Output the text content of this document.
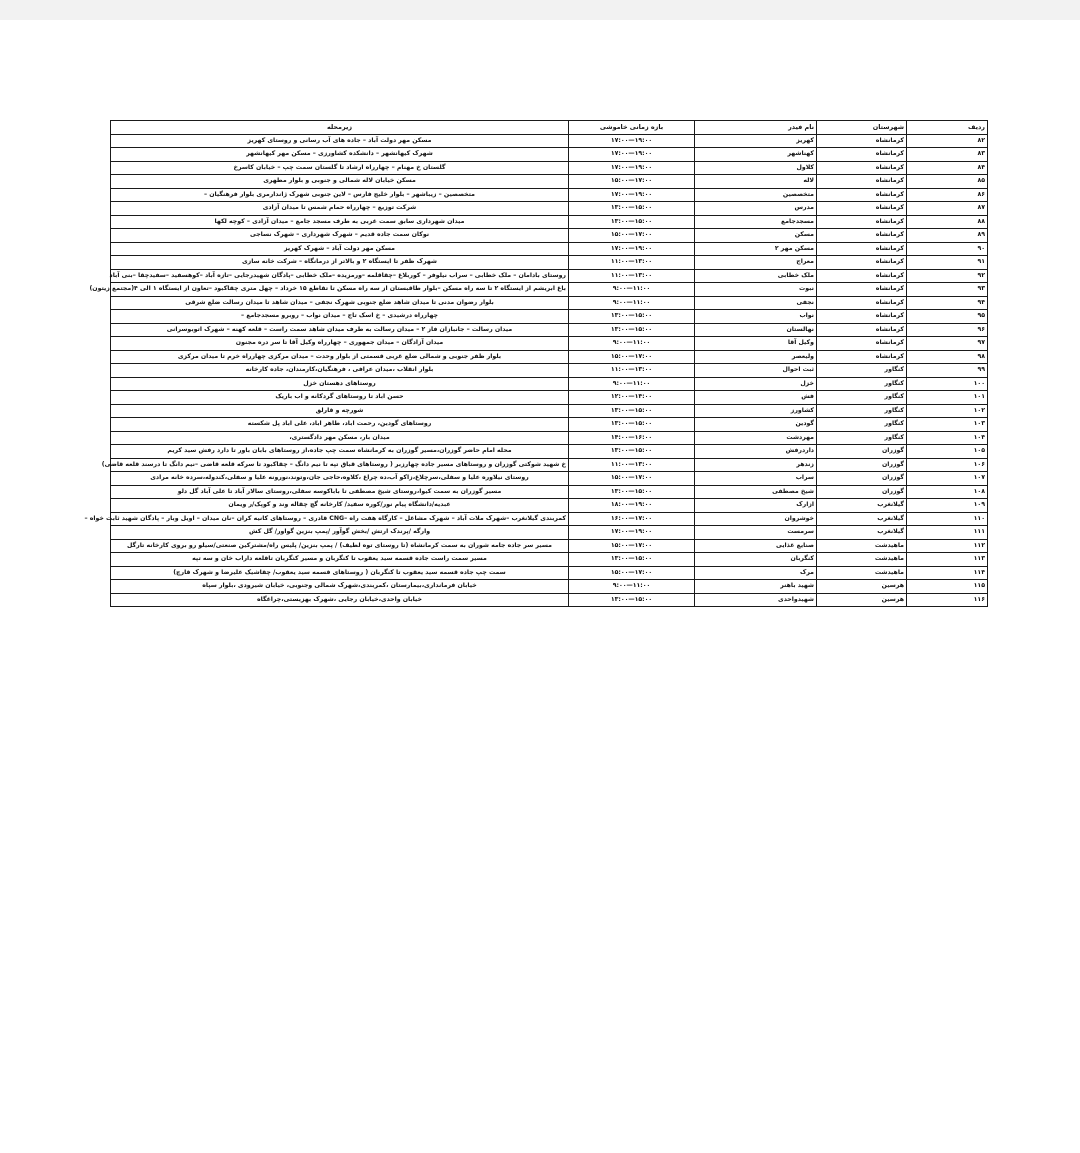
ردیف	شهرستان	نام فیدر	بازه زمانی خاموشی	زیرمحله
۸۲	کرمانشاه	کهریز	۱۷:۰۰—۱۹:۰۰	مسکن مهر دولت آباد – جاده های آب رسانی و روستای کهریز
۸۳	کرمانشاه	کهناشهر	۱۷:۰۰—۱۹:۰۰	شهرک کیهانشهر – دانشکده کشاورزی – مسکن مهر کیهانشهر
۸۴	کرمانشاه	کلاول	۱۷:۰۰—۱۹:۰۰	گلستان خ مهنام – چهارراه ارشاد تا گلستان سمت چپ – خیابان کاسرخ
۸۵	کرمانشاه	لاله	۱۵:۰۰—۱۷:۰۰	مسکن خیابان لاله شمالی و جنوبی و بلوار مطهری
۸۶	کرمانشاه	متخصصین	۱۷:۰۰—۱۹:۰۰	متخصصین – زیباشهر – بلوار خلیج فارس – لاین جنوبی شهرک ژاندارمری بلوار فرهنگیان –
۸۷	کرمانشاه	مدرس	۱۳:۰۰—۱۵:۰۰	شرکت توزیع – چهارراه حمام شمس تا میدان آزادی
۸۸	کرمانشاه	مسجدجامع	۱۳:۰۰—۱۵:۰۰	میدان شهرداری سابق سمت غربی به طرف مسجد جامع – میدان آزادی – کوچه لکها
۸۹	کرمانشاه	مسکن	۱۵:۰۰—۱۷:۰۰	نوکان سمت جاده قدیم – شهرک شهرداری – شهرک نساجی
۹۰	کرمانشاه	مسکن مهر ۲	۱۷:۰۰—۱۹:۰۰	مسکن مهر دولت آباد – شهرک کهریز
۹۱	کرمانشاه	معراج	۱۱:۰۰—۱۳:۰۰	شهرک ظفر تا ایستگاه ۲ و بالاتر از درمانگاه – شرکت خانه سازی
۹۲	کرمانشاه	ملک خطابی	۱۱:۰۰—۱۳:۰۰	روستای بادامان – ملک خطابی – سراب نیلوفر – کوربلاغ –چقاقلمه –ورمزیده –ملک خطابی –پادگان شهیدرجایی –تازه آباد –کوهسفید –سفیدچقا –بنی آباد
۹۳	کرمانشاه	نبوت	۹:۰۰—۱۱:۰۰	باغ ابریشم از ایستگاه ۲ تا سه راه مسکن –بلوار طاقبستان از سه راه مسکن تا تقاطع ۱۵ خرداد – چهل متری چقاکبود –تعاون از ایستگاه ۱ الی ۴(مجتمع زیتون)
۹۴	کرمانشاه	نجفی	۹:۰۰—۱۱:۰۰	بلوار رضوان مدنی تا میدان شاهد ضلع جنوبی شهرک نجفی – میدان شاهد تا میدان رسالت ضلع شرقی
۹۵	کرمانشاه	نواب	۱۳:۰۰—۱۵:۰۰	چهارراه درشیدی – خ اسک تاج – میدان نواب – روبرو مسجدجامع –
۹۶	کرمانشاه	نهالستان	۱۳:۰۰—۱۵:۰۰	میدان رسالت – جانبازان فاز ۲ – میدان رسالت به طرف میدان شاهد سمت راست – قلعه کهنه – شهرک اتوبوسرانی
۹۷	کرمانشاه	وکیل آقا	۹:۰۰—۱۱:۰۰	میدان آزادگان – میدان جمهوری – چهارراه وکیل آقا تا سر دره مجنون
۹۸	کرمانشاه	ولیعصر	۱۵:۰۰—۱۷:۰۰	بلوار ظفر جنوبی و شمالی ضلع غربی قسمتی از بلوار وحدت – میدان مرکزی چهارراه خرم تا میدان مرکزی
۹۹	کنگاور	ثبت احوال	۱۱:۰۰—۱۳:۰۰	بلوار انقلاب ،میدان عرافی ، فرهنگیان،کارمندان، جاده کارخانه
۱۰۰	کنگاور	خزل	۹:۰۰—۱۱:۰۰	روستاهای دهستان خزل
۱۰۱	کنگاور	فش	۱۲:۰۰—۱۴:۰۰	حسن اباد تا روستاهای گردکانه و اب باریک
۱۰۲	کنگاور	کشاورز	۱۳:۰۰—۱۵:۰۰	شورچه و قارلق
۱۰۳	کنگاور	گودین	۱۳:۰۰—۱۵:۰۰	روستاهای گودین، رحمت اباد، طاهر اباد، علی اباد پل شکسته
۱۰۴	کنگاور	مهردشت	۱۴:۰۰—۱۶:۰۰	میدان بار، مسکن مهر دادگستری،
۱۰۵	گوزران	داردرفش	۱۳:۰۰—۱۵:۰۰	محله امام حاضر گوزران،مسیر گوزران به کرمانشاه سمت چپ جاده،از روستاهای بابان باور تا دارد رفش سید کریم
۱۰۶	گوزران	زندهر	۱۱:۰۰—۱۳:۰۰	خ شهید شوکتی گوزران و روستاهای مسیر جاده چهارزبر ( روستاهای قباق تپه تا نیم دانگ – چقاکبود تا سرکه قلعه قاضی –نیم دانگ تا درسند قلعه قاضی)
۱۰۷	گوزران	سراب	۱۵:۰۰—۱۷:۰۰	روستای نیلاوره علیا و سفلی،سرچلاغ،زاکو آب،ده چراغ ،کلاوه،حاجی جان،وتوند،نورونه علیا و سفلی،کندوله،سرده خانه مرادی
۱۰۸	گوزران	شیخ مصطفی	۱۳:۰۰—۱۵:۰۰	مسیر گوزران به سمت کیوا،روستای شیخ مصطفی تا باباکوسه سفلی،روستای سالار آباد تا علی آباد گل دلو
۱۰۹	گیلانغرب	ازارک	۱۸:۰۰—۱۹:۰۰	عبدیه/دانشگاه پیام نور/کوره سفید/ کارخانه گچ چقاله وند و کوپک/ر ویمان
۱۱۰	گیلانغرب	خوشروان	۱۶:۰۰—۱۷:۰۰	کمربندی گیلانغرب –شهرک ملات آباد – شهرک مشاغل – کارگاه هفت راه –CNG قادری – روستاهای کانیه کران –نان میدان – اویل وبار – پادگان شهید ثابت خواه –
۱۱۱	گیلانغرب	سرمست	۱۷:۰۰—۱۹:۰۰	وارگه /پرندک ارتش /بخش گوآور /پمپ بنزین گواور/ گل کش
۱۱۲	ماهیدشت	صنایع غذایی	۱۵:۰۰—۱۷:۰۰	مسیر سر جاده جامه شوران به سمت کرمانشاه (تا روستای توه لطیف) / پمپ بنزین/ پلیس راه/مشترکین صنعتی/سیلو رو بروی کارخانه تارگل
۱۱۳	ماهیدشت	کنگربان	۱۳:۰۰—۱۵:۰۰	مسیر سمت راست جاده قسمه سید یعقوب تا کنگربان و مسیر کنگربان تاقلعه داراب خان و سه تپه
۱۱۴	ماهیدشت	مرک	۱۵:۰۰—۱۷:۰۰	سمت چپ جاده قسمه سید یعقوب تا کنگربان ( روستاهای قسمه سید یعقوب/ چقاشیک علیرضا و شهرک قارچ)
۱۱۵	هرسین	شهید باهنر	۹:۰۰—۱۱:۰۰	خیابان فرمانداری،بیمارستان ،کمربندی،شهرک شمالی وجنوبی، خیابان شیرودی ،بلوار سپاه
۱۱۶	هرسین	شهیدواحدی	۱۳:۰۰—۱۵:۰۰	خیابان واحدی،خیابان رجایی ،شهرک بهزیستی،چراغگاه
